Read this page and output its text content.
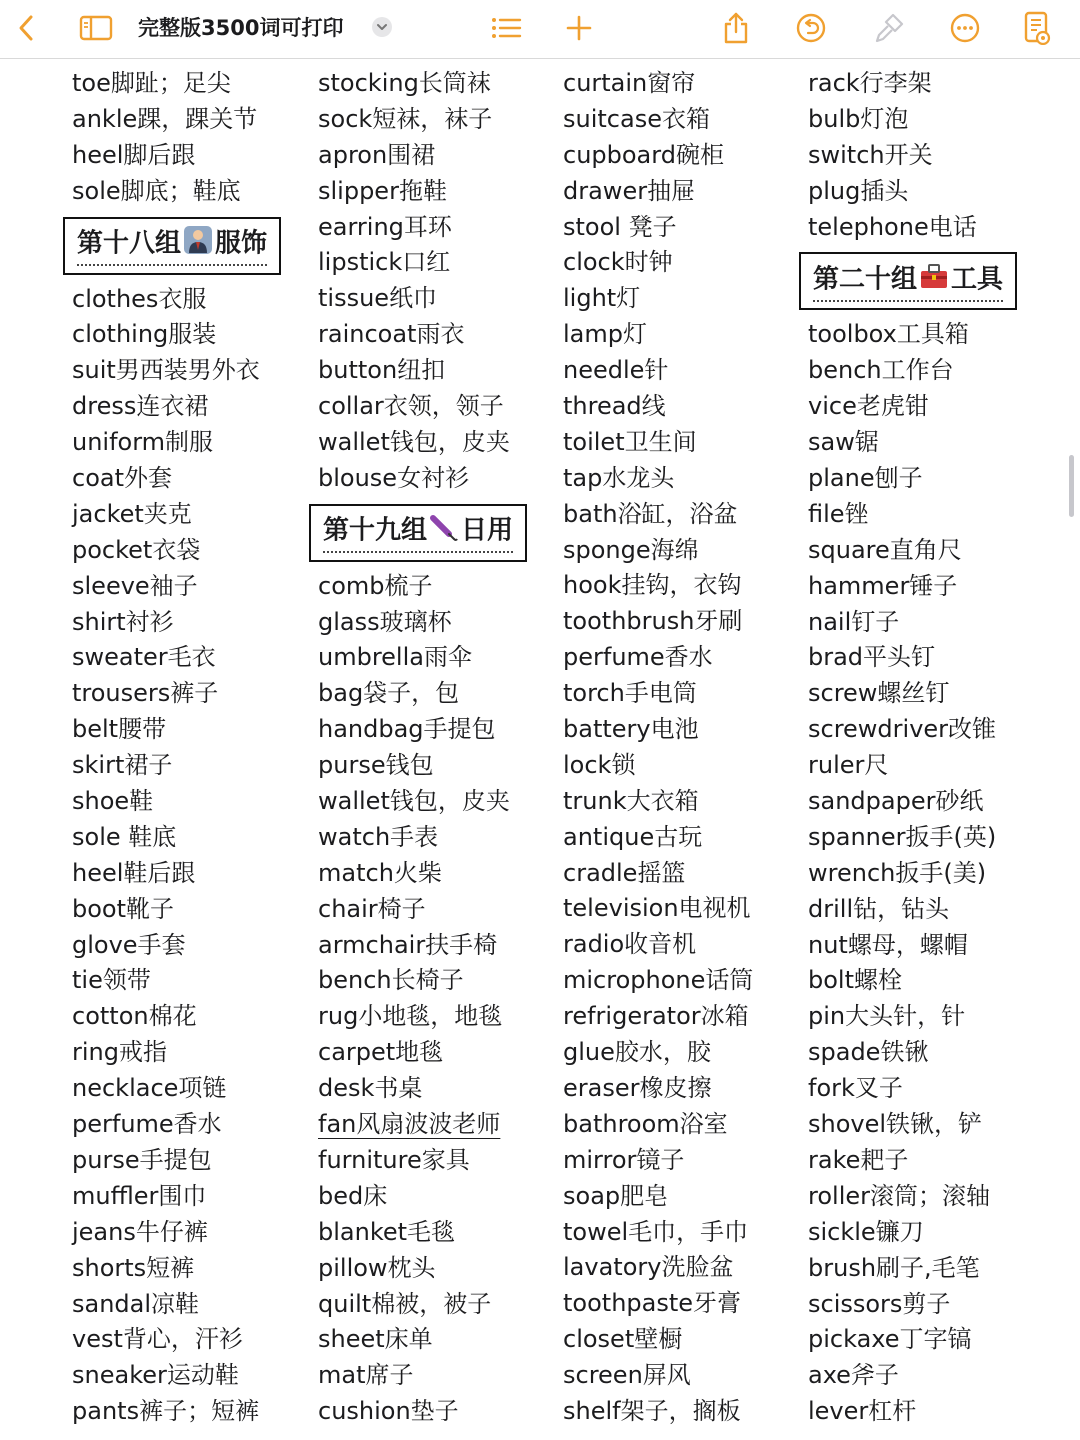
完整版3500词可打印
toe脚趾；足尖
ankle踝，踝关节
heel脚后跟
sole脚底；鞋底
第十八组 服饰
clothes衣服
clothing服装
suit男西装男外衣
dress连衣裙
uniform制服
coat外套
jacket夹克
pocket衣袋
sleeve袖子
shirt衬衫
sweater毛衣
trousers裤子
belt腰带
skirt裙子
shoe鞋
sole 鞋底
heel鞋后跟
boot靴子
glove手套
tie领带
cotton棉花
ring戒指
necklace项链
perfume香水
purse手提包
muffler围巾
jeans牛仔裤
shorts短裤
sandal凉鞋
vest背心，汗衫
sneaker运动鞋
pants裤子；短裤
stocking长筒袜
sock短袜，袜子
apron围裙
slipper拖鞋
earring耳环
lipstick口红
tissue纸巾
raincoat雨衣
button纽扣
collar衣领，领子
wallet钱包，皮夹
blouse女衬衫
第十九组 日用
comb梳子
glass玻璃杯
umbrella雨伞
bag袋子，包
handbag手提包
purse钱包
wallet钱包，皮夹
watch手表
match火柴
chair椅子
armchair扶手椅
bench长椅子
rug小地毯，地毯
carpet地毯
desk书桌
fan风扇波波老师
furniture家具
bed床
blanket毛毯
pillow枕头
quilt棉被，被子
sheet床单
mat席子
cushion垫子
curtain窗帘
suitcase衣箱
cupboard碗柜
drawer抽屉
stool 凳子
clock时钟
light灯
lamp灯
needle针
thread线
toilet卫生间
tap水龙头
bath浴缸，浴盆
sponge海绵
hook挂钩，衣钩
toothbrush牙刷
perfume香水
torch手电筒
battery电池
lock锁
trunk大衣箱
antique古玩
cradle摇篮
television电视机
radio收音机
microphone话筒
refrigerator冰箱
glue胶水，胶
eraser橡皮擦
bathroom浴室
mirror镜子
soap肥皂
towel毛巾，手巾
lavatory洗脸盆
toothpaste牙膏
closet壁橱
screen屏风
shelf架子，搁板
rack行李架
bulb灯泡
switch开关
plug插头
telephone电话
第二十组 工具
toolbox工具箱
bench工作台
vice老虎钳
saw锯
plane刨子
file锉
square直角尺
hammer锤子
nail钉子
brad平头钉
screw螺丝钉
screwdriver改锥
ruler尺
sandpaper砂纸
spanner扳手(英)
wrench扳手(美)
drill钻，钻头
nut螺母，螺帽
bolt螺栓
pin大头针，针
spade铁锹
fork叉子
shovel铁锹，铲
rake耙子
roller滚筒；滚轴
sickle镰刀
brush刷子,毛笔
scissors剪子
pickaxe丁字镐
axe斧子
lever杠杆
